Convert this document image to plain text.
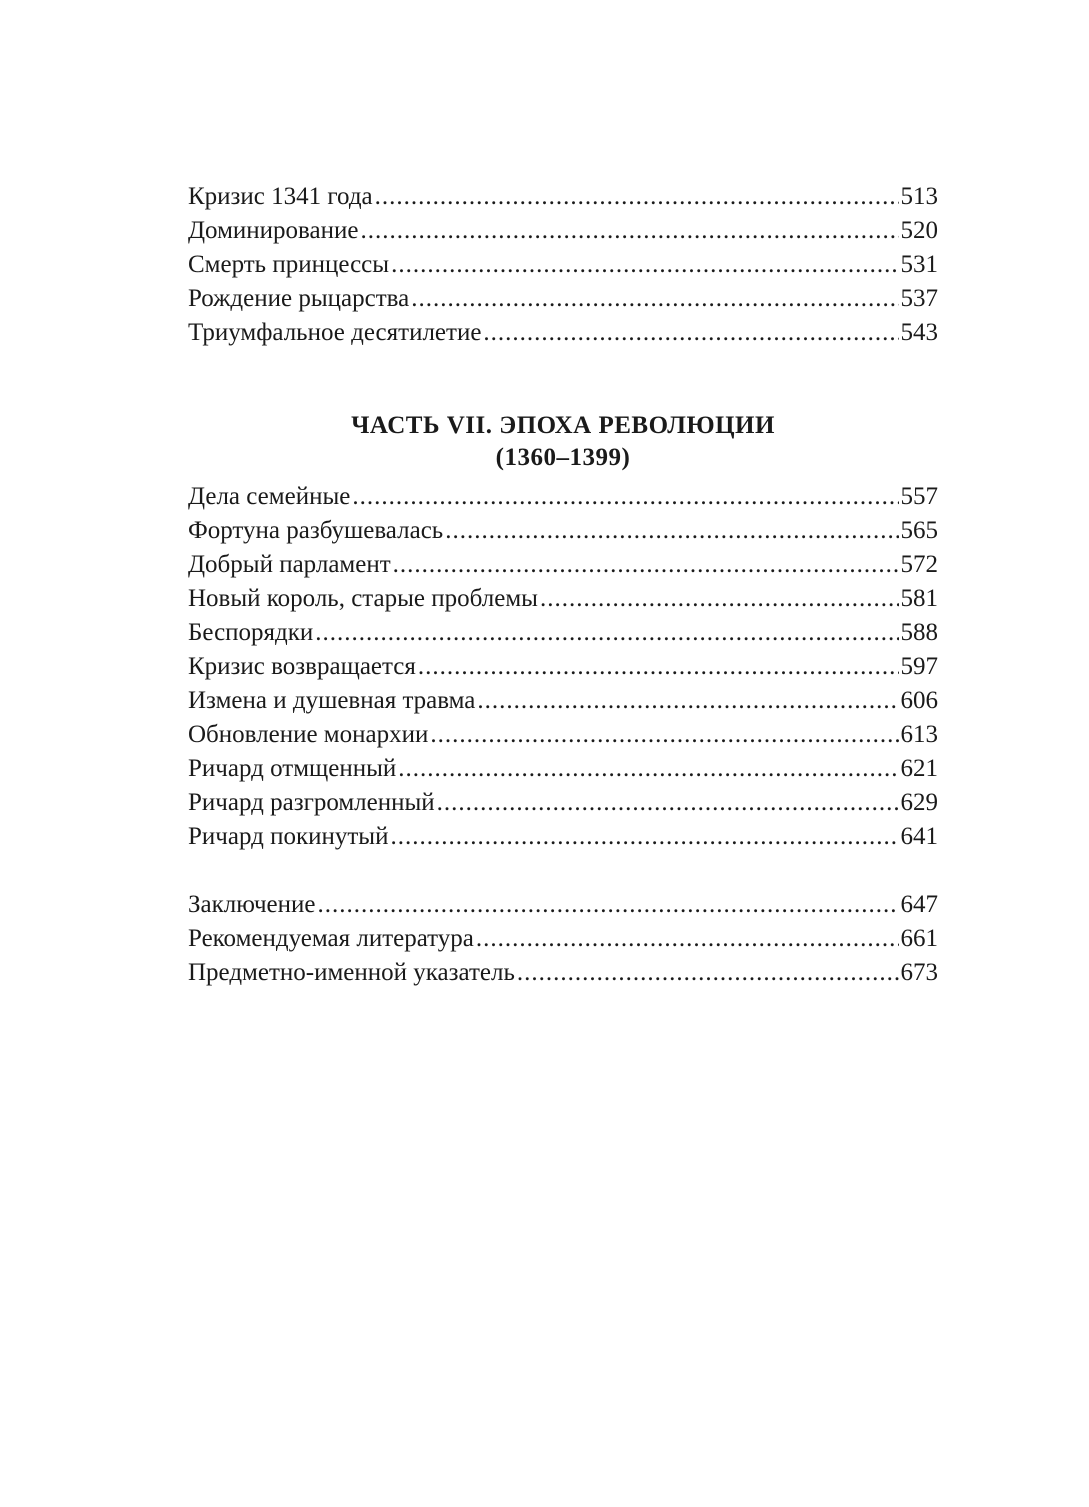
Кризис 1341 года .....	513
Доминирование .....	520
Смерть принцессы .....	531
Рождение рыцарства .....	537
Триумфальное десятилетие .....	543
ЧАСТЬ VII. ЭПОХА РЕВОЛЮЦИИ
(1360–1399)
Дела семейные .....	557
Фортуна разбушевалась .....	565
Добрый парламент .....	572
Новый король, старые проблемы .....	581
Беспорядки .....	588
Кризис возвращается .....	597
Измена и душевная травма .....	606
Обновление монархии .....	613
Ричард отмщенный .....	621
Ричард разгромленный .....	629
Ричард покинутый .....	641
Заключение .....	647
Рекомендуемая литература .....	661
Предметно-именной указатель .....	673
